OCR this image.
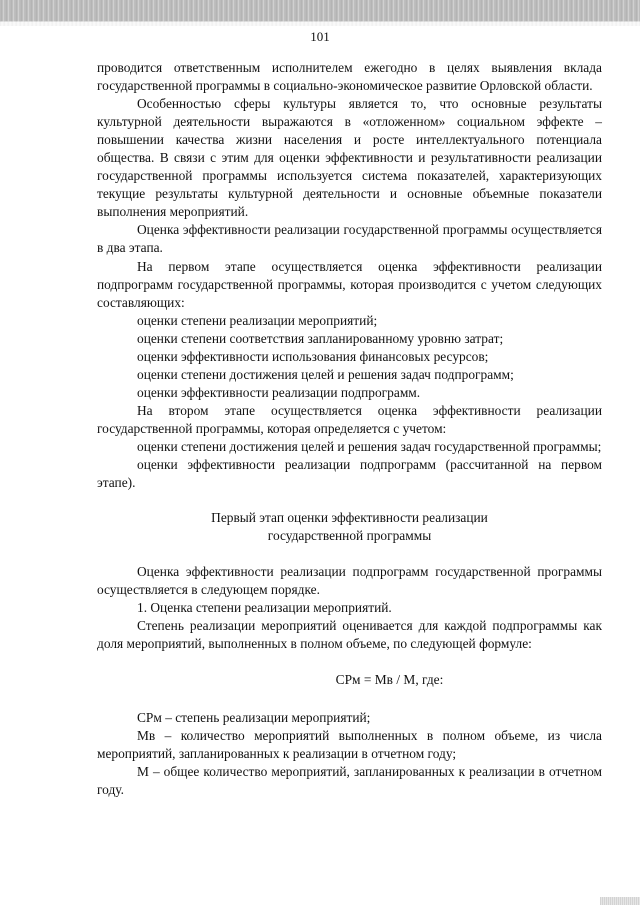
101

проводится ответственным исполнителем ежегодно в целях выявления вклада государственной программы в социально-экономическое развитие Орловской области.

Особенностью сферы культуры является то, что основные результаты культурной деятельности выражаются в «отложенном» социальном эффекте – повышении качества жизни населения и росте интеллектуального потенциала общества. В связи с этим для оценки эффективности и результативности реализации государственной программы используется система показателей, характеризующих текущие результаты культурной деятельности и основные объемные показатели выполнения мероприятий.

Оценка эффективности реализации государственной программы осуществляется в два этапа.

На первом этапе осуществляется оценка эффективности реализации подпрограмм государственной программы, которая производится с учетом следующих составляющих:

оценки степени реализации мероприятий;

оценки степени соответствия запланированному уровню затрат;

оценки эффективности использования финансовых ресурсов;

оценки степени достижения целей и решения задач подпрограмм;

оценки эффективности реализации подпрограмм.

На втором этапе осуществляется оценка эффективности реализации государственной программы, которая определяется с учетом:

оценки степени достижения целей и решения задач государственной программы;

оценки эффективности реализации подпрограмм (рассчитанной на первом этапе).

Первый этап оценки эффективности реализации
государственной программы

Оценка эффективности реализации подпрограмм государственной программы осуществляется в следующем порядке.

1. Оценка степени реализации мероприятий.

Степень реализации мероприятий оценивается для каждой подпрограммы как доля мероприятий, выполненных в полном объеме, по следующей формуле:

СРм = Мв / М, где:

СРм – степень реализации мероприятий;

Мв – количество мероприятий выполненных в полном объеме, из числа мероприятий, запланированных к реализации в отчетном году;

М – общее количество мероприятий, запланированных к реализации в отчетном году.
